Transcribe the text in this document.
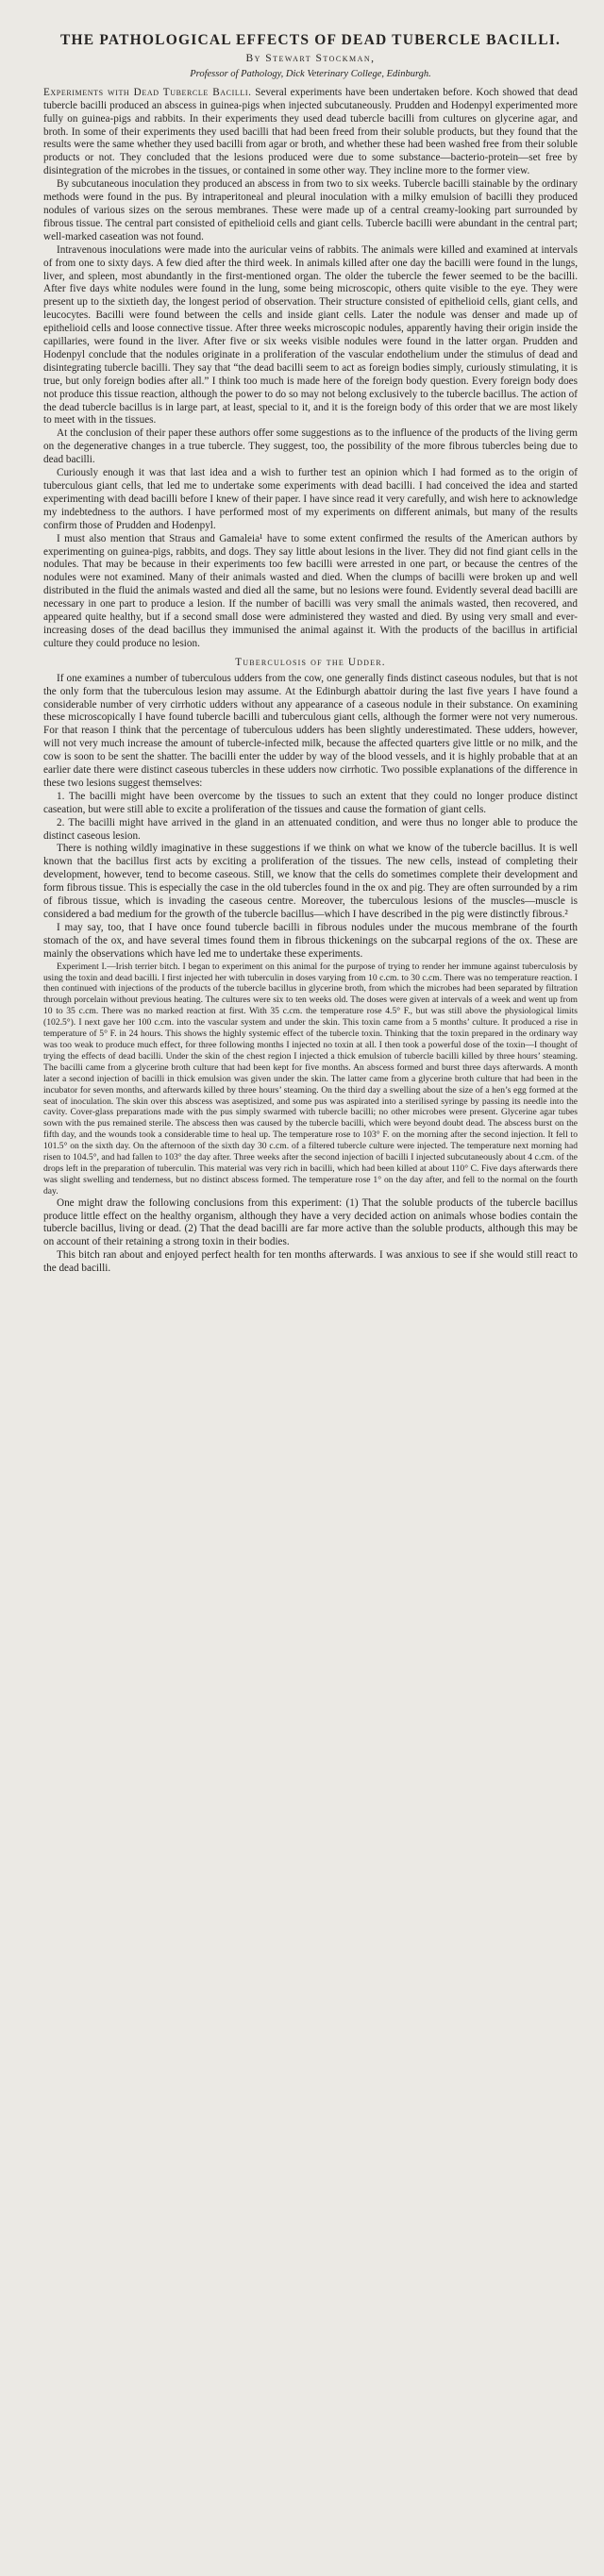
THE PATHOLOGICAL EFFECTS OF DEAD TUBERCLE BACILLI.
By Stewart Stockman,
Professor of Pathology, Dick Veterinary College, Edinburgh.

Experiments with Dead Tubercle Bacilli. Several experiments have been undertaken before. Koch showed that dead tubercle bacilli produced an abscess in guinea-pigs when injected subcutaneously. Prudden and Hodenpyl experimented more fully on guinea-pigs and rabbits. In their experiments they used dead tubercle bacilli from cultures on glycerine agar, and broth. In some of their experiments they used bacilli that had been freed from their soluble products, but they found that the results were the same whether they used bacilli from agar or broth, and whether these had been washed free from their soluble products or not. They concluded that the lesions produced were due to some substance—bacterio-protein—set free by disintegration of the microbes in the tissues, or contained in some other way. They incline more to the former view.

By subcutaneous inoculation they produced an abscess in from two to six weeks. Tubercle bacilli stainable by the ordinary methods were found in the pus. By intraperitoneal and pleural inoculation with a milky emulsion of bacilli they produced nodules of various sizes on the serous membranes. These were made up of a central creamy-looking part surrounded by fibrous tissue. The central part consisted of epithelioid cells and giant cells. Tubercle bacilli were abundant in the central part; well-marked caseation was not found.

Intravenous inoculations were made into the auricular veins of rabbits. The animals were killed and examined at intervals of from one to sixty days. A few died after the third week. In animals killed after one day the bacilli were found in the lungs, liver, and spleen, most abundantly in the first-mentioned organ. The older the tubercle the fewer seemed to be the bacilli. After five days white nodules were found in the lung, some being microscopic, others quite visible to the eye. They were present up to the sixtieth day, the longest period of observation. Their structure consisted of epithelioid cells, giant cells, and leucocytes. Bacilli were found between the cells and inside giant cells. Later the nodule was denser and made up of epithelioid cells and loose connective tissue. After three weeks microscopic nodules, apparently having their origin inside the capillaries, were found in the liver. After five or six weeks visible nodules were found in the latter organ. Prudden and Hodenpyl conclude that the nodules originate in a proliferation of the vascular endothelium under the stimulus of dead and disintegrating tubercle bacilli. They say that “the dead bacilli seem to act as foreign bodies simply, curiously stimulating, it is true, but only foreign bodies after all.” I think too much is made here of the foreign body question. Every foreign body does not produce this tissue reaction, although the power to do so may not belong exclusively to the tubercle bacillus. The action of the dead tubercle bacillus is in large part, at least, special to it, and it is the foreign body of this order that we are most likely to meet with in the tissues.

At the conclusion of their paper these authors offer some suggestions as to the influence of the products of the living germ on the degenerative changes in a true tubercle. They suggest, too, the possibility of the more fibrous tubercles being due to dead bacilli.

Curiously enough it was that last idea and a wish to further test an opinion which I had formed as to the origin of tuberculous giant cells, that led me to undertake some experiments with dead bacilli. I had conceived the idea and started experimenting with dead bacilli before I knew of their paper. I have since read it very carefully, and wish here to acknowledge my indebtedness to the authors. I have performed most of my experiments on different animals, but many of the results confirm those of Prudden and Hodenpyl.

I must also mention that Straus and Gamaleia¹ have to some extent confirmed the results of the American authors by experimenting on guinea-pigs, rabbits, and dogs. They say little about lesions in the liver. They did not find giant cells in the nodules. That may be because in their experiments too few bacilli were arrested in one part, or because the centres of the nodules were not examined. Many of their animals wasted and died. When the clumps of bacilli were broken up and well distributed in the fluid the animals wasted and died all the same, but no lesions were found. Evidently several dead bacilli are necessary in one part to produce a lesion. If the number of bacilli was very small the animals wasted, then recovered, and appeared quite healthy, but if a second small dose were administered they wasted and died. By using very small and ever-increasing doses of the dead bacillus they immunised the animal against it. With the products of the bacillus in artificial culture they could produce no lesion.

Tuberculosis of the Udder.

If one examines a number of tuberculous udders from the cow, one generally finds distinct caseous nodules, but that is not the only form that the tuberculous lesion may assume. At the Edinburgh abattoir during the last five years I have found a considerable number of very cirrhotic udders without any appearance of a caseous nodule in their substance. On examining these microscopically I have found tubercle bacilli and tuberculous giant cells, although the former were not very numerous. For that reason I think that the percentage of tuberculous udders has been slightly underestimated. These udders, however, will not very much increase the amount of tubercle-infected milk, because the affected quarters give little or no milk, and the cow is soon to be sent the shatter. The bacilli enter the udder by way of the blood vessels, and it is highly probable that at an earlier date there were distinct caseous tubercles in these udders now cirrhotic. Two possible explanations of the difference in these two lesions suggest themselves:

1. The bacilli might have been overcome by the tissues to such an extent that they could no longer produce distinct caseation, but were still able to excite a proliferation of the tissues and cause the formation of giant cells.

2. The bacilli might have arrived in the gland in an attenuated condition, and were thus no longer able to produce the distinct caseous lesion.

There is nothing wildly imaginative in these suggestions if we think on what we know of the tubercle bacillus. It is well known that the bacillus first acts by exciting a proliferation of the tissues. The new cells, instead of completing their development, however, tend to become caseous. Still, we know that the cells do sometimes complete their development and form fibrous tissue. This is especially the case in the old tubercles found in the ox and pig. They are often surrounded by a rim of fibrous tissue, which is invading the caseous centre. Moreover, the tuberculous lesions of the muscles—muscle is considered a bad medium for the growth of the tubercle bacillus—which I have described in the pig were distinctly fibrous.²

I may say, too, that I have once found tubercle bacilli in fibrous nodules under the mucous membrane of the fourth stomach of the ox, and have several times found them in fibrous thickenings on the subcarpal regions of the ox. These are mainly the observations which have led me to undertake these experiments.

Experiment I.—Irish terrier bitch. I began to experiment on this animal for the purpose of trying to render her immune against tuberculosis by using the toxin and dead bacilli. I first injected her with tuberculin in doses varying from 10 c.cm. to 30 c.cm. There was no temperature reaction. I then continued with injections of the products of the tubercle bacillus in glycerine broth, from which the microbes had been separated by filtration through porcelain without previous heating. The cultures were six to ten weeks old. The doses were given at intervals of a week and went up from 10 to 35 c.cm. There was no marked reaction at first. With 35 c.cm. the temperature rose 4.5° F., but was still above the physiological limits (102.5°). I next gave her 100 c.cm. into the vascular system and under the skin. This toxin came from a 5 months’ culture. It produced a rise in temperature of 5° F. in 24 hours. This shows the highly systemic effect of the tubercle toxin. Thinking that the toxin prepared in the ordinary way was too weak to produce much effect, for three following months I injected no toxin at all. I then took a powerful dose of the toxin—I thought of trying the effects of dead bacilli. Under the skin of the chest region I injected a thick emulsion of tubercle bacilli killed by three hours’ steaming. The bacilli came from a glycerine broth culture that had been kept for five months. An abscess formed and burst three days afterwards. A month later a second injection of bacilli in thick emulsion was given under the skin. The latter came from a glycerine broth culture that had been in the incubator for seven months, and afterwards killed by three hours’ steaming. On the third day a swelling about the size of a hen’s egg formed at the seat of inoculation. The skin over this abscess was aseptisized, and some pus was aspirated into a sterilised syringe by passing its needle into the cavity. Cover-glass preparations made with the pus simply swarmed with tubercle bacilli; no other microbes were present. Glycerine agar tubes sown with the pus remained sterile. The abscess then was caused by the tubercle bacilli, which were beyond doubt dead. The abscess burst on the fifth day, and the wounds took a considerable time to heal up. The temperature rose to 103° F. on the morning after the second injection. It fell to 101.5° on the sixth day. On the afternoon of the sixth day 30 c.cm. of a filtered tubercle culture were injected. The temperature next morning had risen to 104.5°, and had fallen to 103° the day after. Three weeks after the second injection of bacilli I injected subcutaneously about 4 c.cm. of the drops left in the preparation of tuberculin. This material was very rich in bacilli, which had been killed at about 110° C. Five days afterwards there was slight swelling and tenderness, but no distinct abscess formed. The temperature rose 1° on the day after, and fell to the normal on the fourth day.

One might draw the following conclusions from this experiment: (1) That the soluble products of the tubercle bacillus produce little effect on the healthy organism, although they have a very decided action on animals whose bodies contain the tubercle bacillus, living or dead. (2) That the dead bacilli are far more active than the soluble products, although this may be on account of their retaining a strong toxin in their bodies.

This bitch ran about and enjoyed perfect health for ten months afterwards. I was anxious to see if she would still react to the dead bacilli.
